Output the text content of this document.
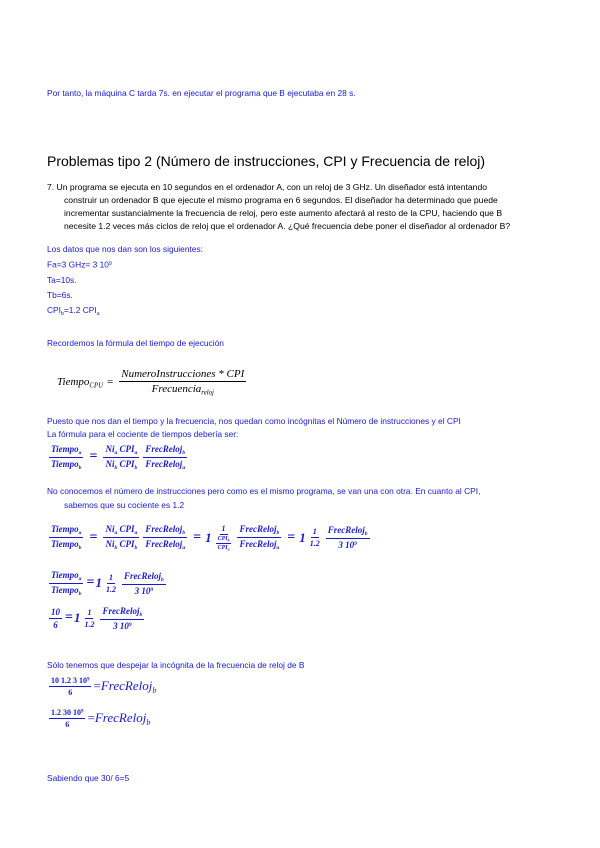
Por tanto, la máquina C tarda 7s. en ejecutar el programa que B ejecutaba en 28 s.
Problemas tipo 2 (Número de instrucciones, CPI y Frecuencia de reloj)
7. Un programa se ejecuta en 10 segundos en el ordenador A, con un reloj de 3 GHz. Un diseñador está intentando
construir un ordenador B que ejecute el mismo programa en 6 segundos. El diseñador ha determinado que puede
incrementar sustancialmente la frecuencia de reloj, pero este aumento afectará al resto de la CPU, haciendo que B
necesite 1.2 veces más ciclos de reloj que el ordenador A. ¿Qué frecuencia debe poner el diseñador al ordenador B?
Los datos que nos dan son los siguientes:
Fa=3 GHz= 3 $10^9$
Ta=10s.
Tb=6s.
$CPI_b=1.2$ $CPI_a$
Recordemos la fórmula del tiempo de ejecución
Tiempo$_{CPU}$ = $\frac{\text{NumeroInstrucciones * CPI}}{Frecuencia_{reloj}}$
Puesto que nos dan el tiempo y la frecuencia, nos quedan como incógnitas el Número de instrucciones y el CPI
La fórmula para el cociente de tiempos debería ser:
$\frac{Tiempo_a}{Tiempo_b} = \frac{Ni_a CPI_a}{Ni_b CPI_b} \frac{FrecReloj_b}{FrecReloj_a}$
No conocemos el número de instrucciones pero como es el mismo programa, se van una con otra. En cuanto al CPI,
sabemos que su cociente es 1.2
$\frac{Tiempo_a}{Tiempo_b} = \frac{Ni_a CPI_a}{Ni_b CPI_b} \frac{FrecReloj_b}{FrecReloj_a} = 1 \frac{1}{\frac{CPI_b}{CPI_a}} \frac{FrecReloj_b}{FrecReloj_a} = 1 \frac{1}{1.2} \frac{FrecReloj_b}{3 10^9}$
$\frac{Tiempo_a}{Tiempo_b} = 1 \frac{1}{1.2} \frac{FrecReloj_b}{3 10^9}$
$\frac{10}{6} = 1 \frac{1}{1.2} \frac{FrecReloj_b}{3 10^9}$
Sólo tenemos que despejar la incógnita de la frecuencia de reloj de B
$\frac{10 1.2 3 10^9}{6}$ =FrecReloj$_b$
$\frac{1.2 30 10^9}{6}$ =FrecReloj$_b$
Sabiendo que 30/ 6=5
